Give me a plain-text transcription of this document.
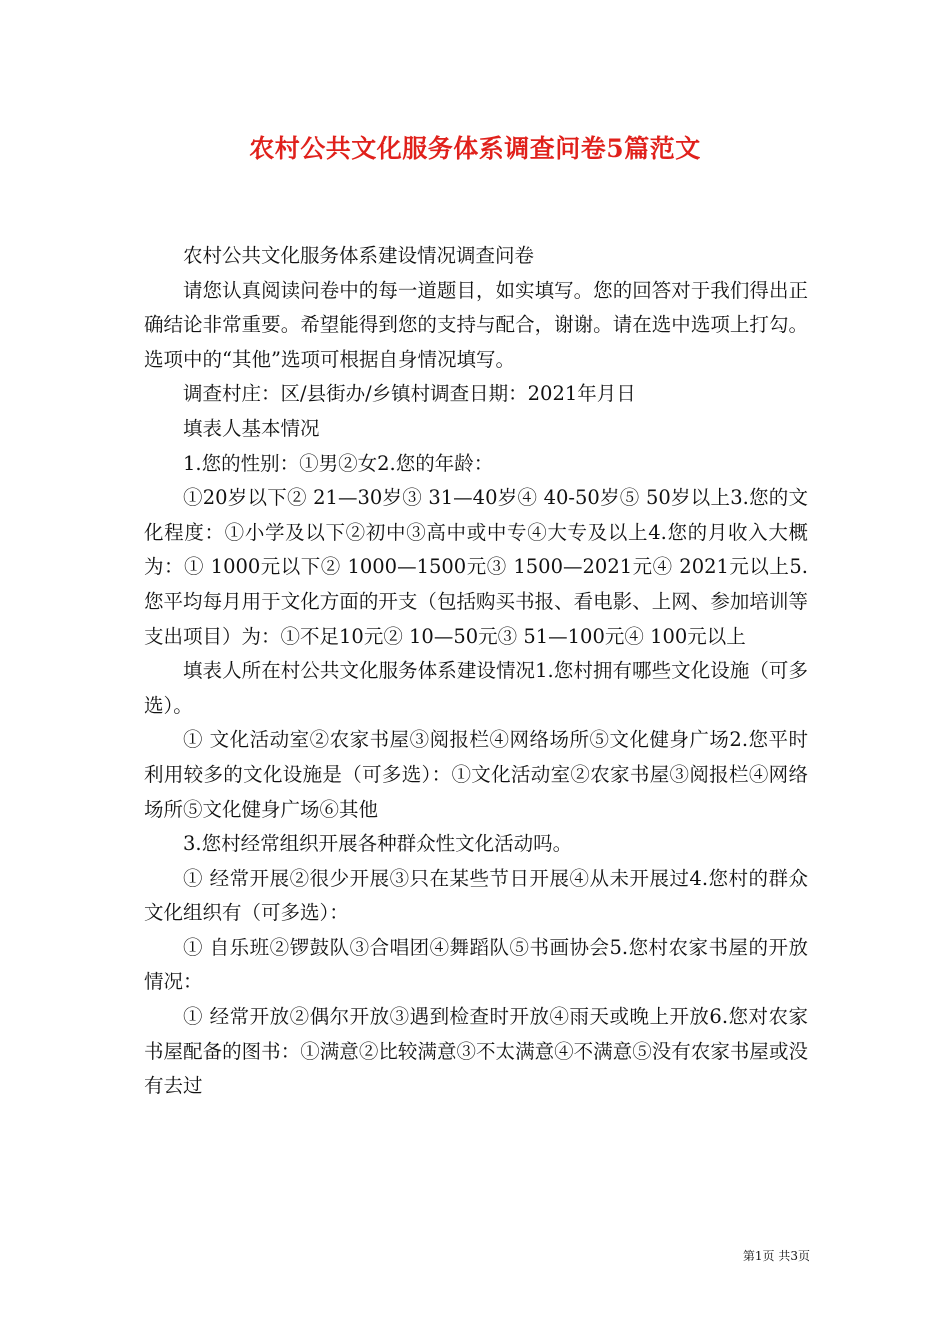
农村公共文化服务体系调查问卷5篇范文

农村公共文化服务体系建设情况调查问卷

请您认真阅读问卷中的每一道题目，如实填写。您的回答对于我们得出正确结论非常重要。希望能得到您的支持与配合，谢谢。请在选中选项上打勾。选项中的“其他”选项可根据自身情况填写。

调查村庄：区/县街办/乡镇村调查日期：2021年月日

填表人基本情况

1.您的性别：①男②女2.您的年龄：

①20岁以下② 21—30岁③ 31—40岁④ 40-50岁⑤ 50岁以上3.您的文化程度：①小学及以下②初中③高中或中专④大专及以上4.您的月收入大概为：① 1000元以下② 1000—1500元③ 1500—2021元④ 2021元以上5.您平均每月用于文化方面的开支（包括购买书报、看电影、上网、参加培训等支出项目）为：①不足10元② 10—50元③ 51—100元④ 100元以上

填表人所在村公共文化服务体系建设情况1.您村拥有哪些文化设施（可多选）。

① 文化活动室②农家书屋③阅报栏④网络场所⑤文化健身广场2.您平时利用较多的文化设施是（可多选）：①文化活动室②农家书屋③阅报栏④网络场所⑤文化健身广场⑥其他

3.您村经常组织开展各种群众性文化活动吗。

① 经常开展②很少开展③只在某些节日开展④从未开展过4.您村的群众文化组织有（可多选）：

① 自乐班②锣鼓队③合唱团④舞蹈队⑤书画协会5.您村农家书屋的开放情况：

① 经常开放②偶尔开放③遇到检查时开放④雨天或晚上开放6.您对农家书屋配备的图书：①满意②比较满意③不太满意④不满意⑤没有农家书屋或没有去过

第1页 共3页
